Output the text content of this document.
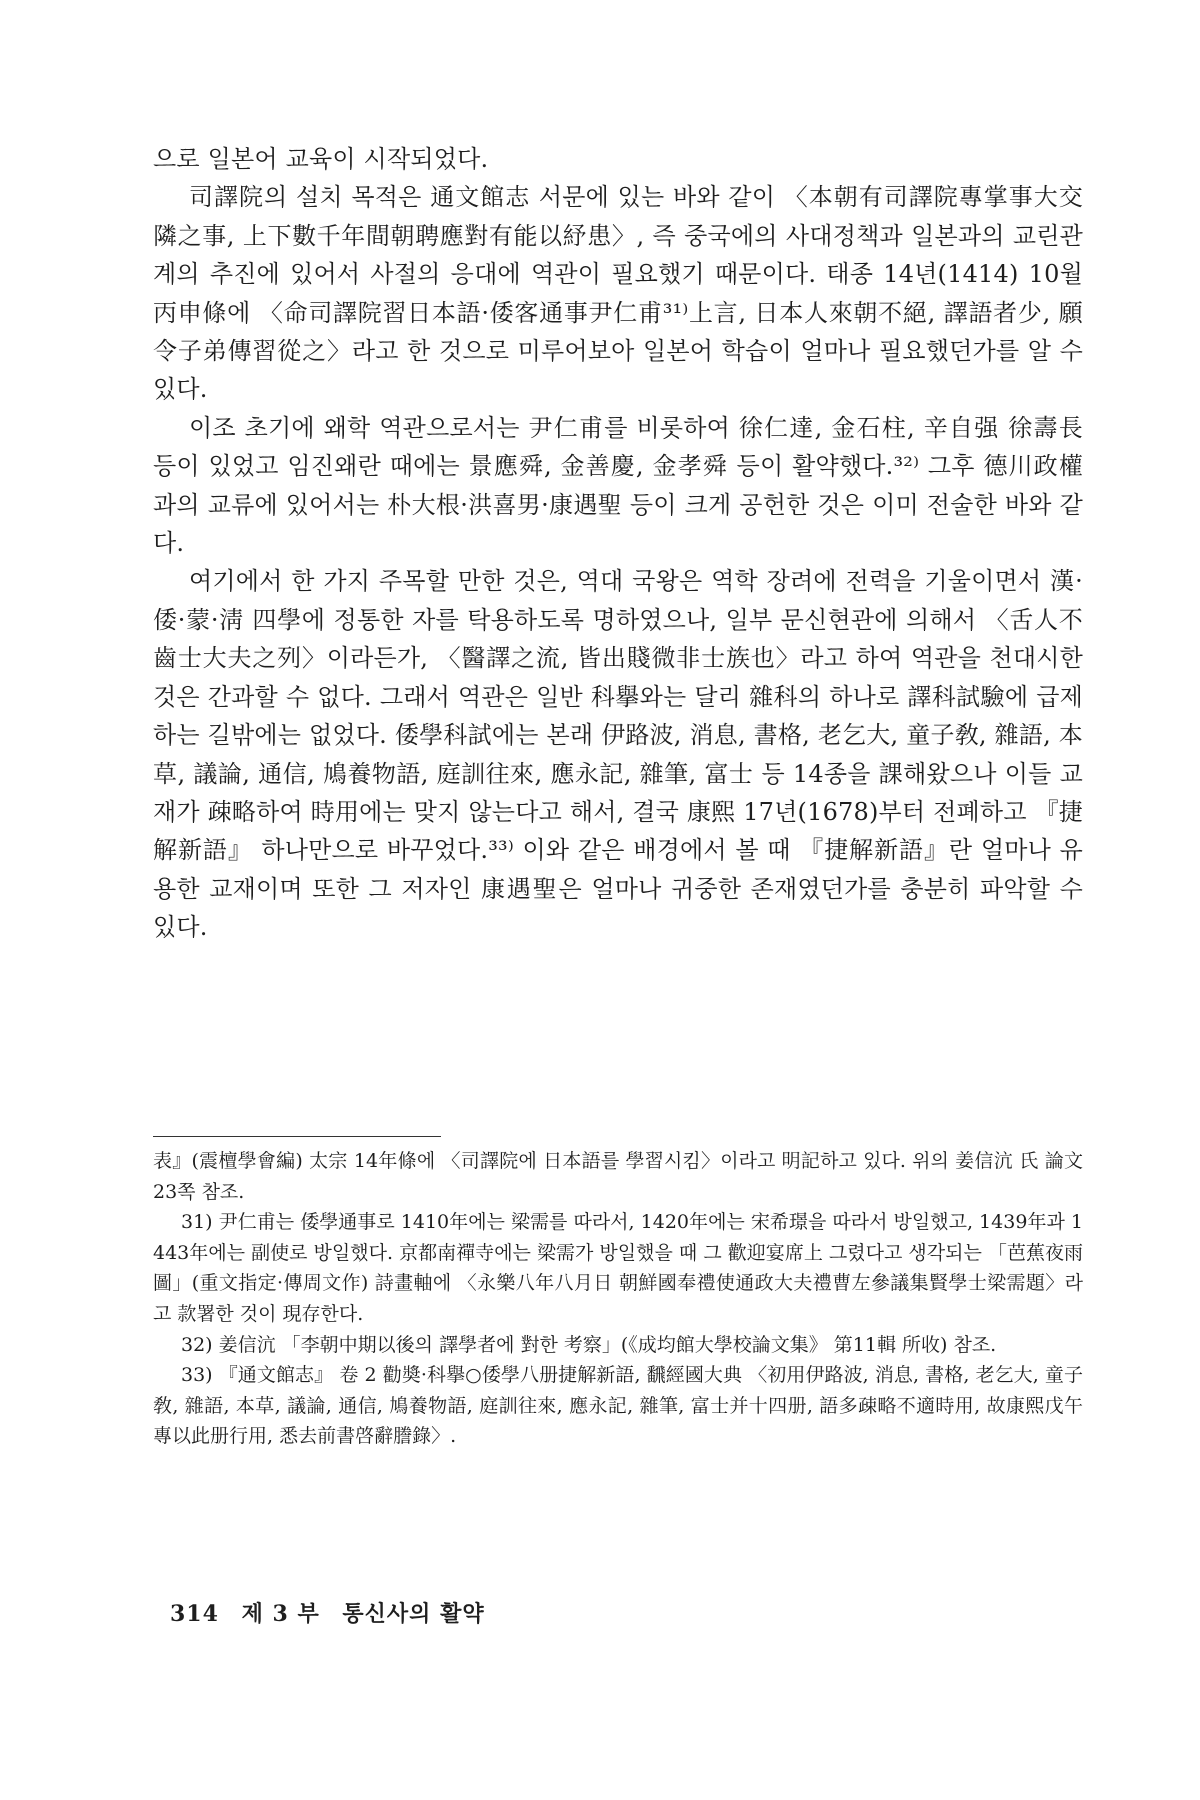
으로 일본어 교육이 시작되었다.

司譯院의 설치 목적은 通文館志 서문에 있는 바와 같이 〈本朝有司譯院專掌事大交隣之事, 上下數千年間朝聘應對有能以紓患〉, 즉 중국에의 사대정책과 일본과의 교린관계의 추진에 있어서 사절의 응대에 역관이 필요했기 때문이다. 태종 14년(1414) 10월 丙申條에 〈命司譯院習日本語·倭客通事尹仁甫³¹⁾上言, 日本人來朝不絕, 譯語者少, 願令子弟傳習從之〉라고 한 것으로 미루어보아 일본어 학습이 얼마나 필요했던가를 알 수 있다.

이조 초기에 왜학 역관으로서는 尹仁甫를 비롯하여 徐仁達, 金石柱, 辛自强 徐壽長 등이 있었고 임진왜란 때에는 景應舜, 金善慶, 金孝舜 등이 활약했다.³²⁾ 그후 德川政權과의 교류에 있어서는 朴大根·洪喜男·康遇聖 등이 크게 공헌한 것은 이미 전술한 바와 같다.

여기에서 한 가지 주목할 만한 것은, 역대 국왕은 역학 장려에 전력을 기울이면서 漢·倭·蒙·淸 四學에 정통한 자를 탁용하도록 명하였으나, 일부 문신현관에 의해서 〈舌人不齒士大夫之列〉이라든가, 〈醫譯之流, 皆出賤微非士族也〉라고 하여 역관을 천대시한 것은 간과할 수 없다. 그래서 역관은 일반 科擧와는 달리 雜科의 하나로 譯科試驗에 급제하는 길밖에는 없었다. 倭學科試에는 본래 伊路波, 消息, 書格, 老乞大, 童子敎, 雜語, 本草, 議論, 通信, 鳩養物語, 庭訓往來, 應永記, 雜筆, 富士 등 14종을 課해왔으나 이들 교재가 疎略하여 時用에는 맞지 않는다고 해서, 결국 康熙 17년(1678)부터 전폐하고 『捷解新語』 하나만으로 바꾸었다.³³⁾ 이와 같은 배경에서 볼 때 『捷解新語』란 얼마나 유용한 교재이며 또한 그 저자인 康遇聖은 얼마나 귀중한 존재였던가를 충분히 파악할 수 있다.

表』(震檀學會編) 太宗 14年條에 〈司譯院에 日本語를 學習시킴〉이라고 明記하고 있다. 위의 姜信沆 氏 論文 23쪽 참조.

31) 尹仁甫는 倭學通事로 1410年에는 梁需를 따라서, 1420年에는 宋希璟을 따라서 방일했고, 1439年과 1443年에는 副使로 방일했다. 京都南禪寺에는 梁需가 방일했을 때 그 歡迎宴席上 그렸다고 생각되는 「芭蕉夜雨圖」(重文指定·傳周文作) 詩畫軸에 〈永樂八年八月日 朝鮮國奉禮使通政大夫禮曹左參議集賢學士梁需題〉라고 款署한 것이 現存한다.

32) 姜信沆 「李朝中期以後의 譯學者에 對한 考察」(《成均館大學校論文集》 第11輯 所收) 참조.

33) 『通文館志』 卷 2 勸奬·科擧○倭學八册捷解新語, 飜經國大典 〈初用伊路波, 消息, 書格, 老乞大, 童子敎, 雜語, 本草, 議論, 通信, 鳩養物語, 庭訓往來, 應永記, 雜筆, 富士并十四册, 語多疎略不適時用, 故康熙戊午專以此册行用, 悉去前書啓辭謄錄〉.

314 제 3 부 통신사의 활약
